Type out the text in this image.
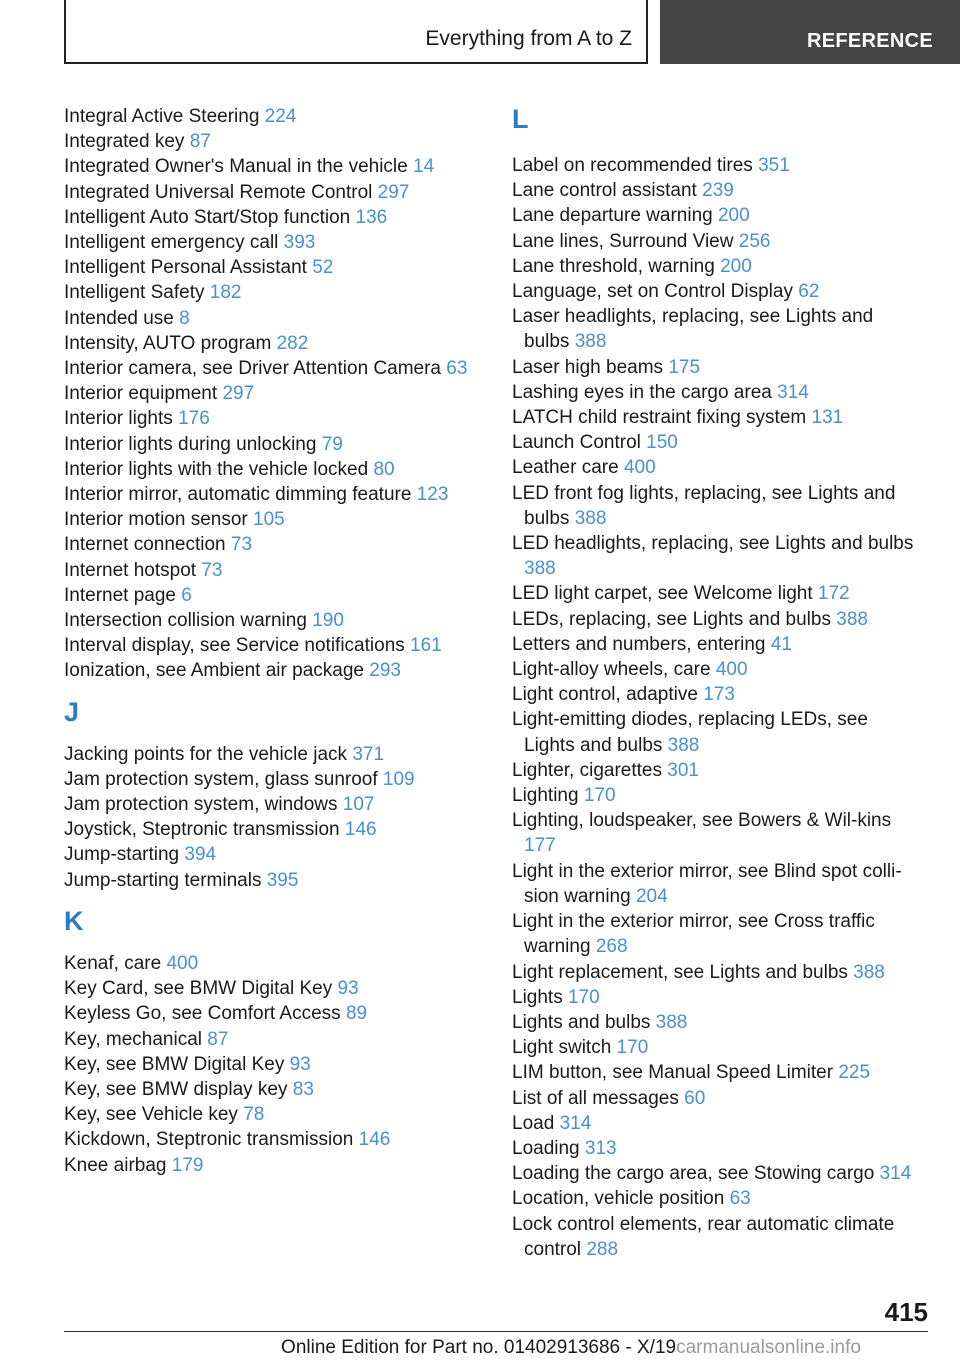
Everything from A to Z	REFERENCE
Integral Active Steering 224
Integrated key 87
Integrated Owner's Manual in the vehicle 14
Integrated Universal Remote Control 297
Intelligent Auto Start/Stop function 136
Intelligent emergency call 393
Intelligent Personal Assistant 52
Intelligent Safety 182
Intended use 8
Intensity, AUTO program 282
Interior camera, see Driver Attention Camera 63
Interior equipment 297
Interior lights 176
Interior lights during unlocking 79
Interior lights with the vehicle locked 80
Interior mirror, automatic dimming feature 123
Interior motion sensor 105
Internet connection 73
Internet hotspot 73
Internet page 6
Intersection collision warning 190
Interval display, see Service notifications 161
Ionization, see Ambient air package 293
J
Jacking points for the vehicle jack 371
Jam protection system, glass sunroof 109
Jam protection system, windows 107
Joystick, Steptronic transmission 146
Jump-starting 394
Jump-starting terminals 395
K
Kenaf, care 400
Key Card, see BMW Digital Key 93
Keyless Go, see Comfort Access 89
Key, mechanical 87
Key, see BMW Digital Key 93
Key, see BMW display key 83
Key, see Vehicle key 78
Kickdown, Steptronic transmission 146
Knee airbag 179
L
Label on recommended tires 351
Lane control assistant 239
Lane departure warning 200
Lane lines, Surround View 256
Lane threshold, warning 200
Language, set on Control Display 62
Laser headlights, replacing, see Lights and bulbs 388
Laser high beams 175
Lashing eyes in the cargo area 314
LATCH child restraint fixing system 131
Launch Control 150
Leather care 400
LED front fog lights, replacing, see Lights and bulbs 388
LED headlights, replacing, see Lights and bulbs 388
LED light carpet, see Welcome light 172
LEDs, replacing, see Lights and bulbs 388
Letters and numbers, entering 41
Light-alloy wheels, care 400
Light control, adaptive 173
Light-emitting diodes, replacing LEDs, see Lights and bulbs 388
Lighter, cigarettes 301
Lighting 170
Lighting, loudspeaker, see Bowers & Wil‐kins 177
Light in the exterior mirror, see Blind spot colli‐sion warning 204
Light in the exterior mirror, see Cross traffic warning 268
Light replacement, see Lights and bulbs 388
Lights 170
Lights and bulbs 388
Light switch 170
LIM button, see Manual Speed Limiter 225
List of all messages 60
Load 314
Loading 313
Loading the cargo area, see Stowing cargo 314
Location, vehicle position 63
Lock control elements, rear automatic climate control 288
415
Online Edition for Part no. 01402913686 - X/19carmanualsonline.info
